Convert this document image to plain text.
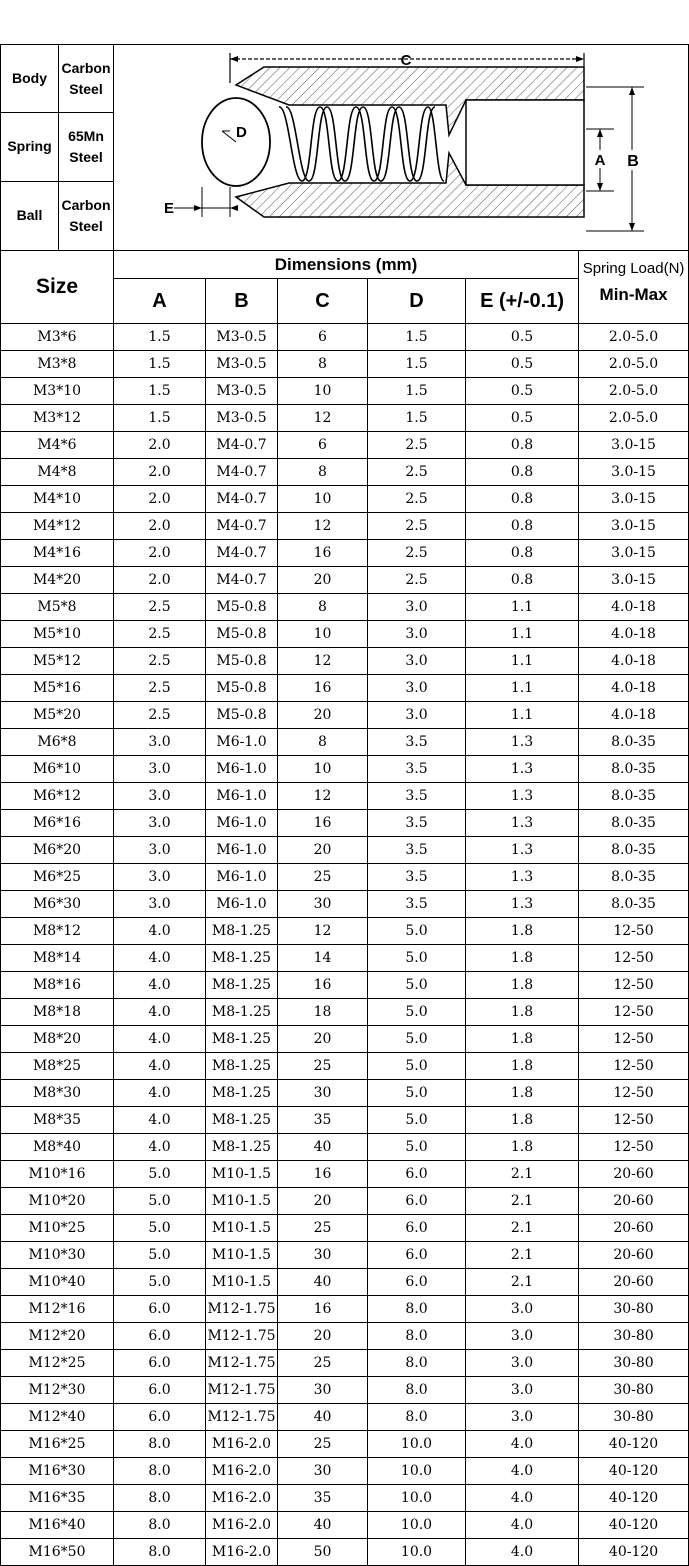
Body	Carbon Steel	C
D
E
A B

Spring	65Mn Steel	
Ball	Carbon Steel	
Size	Dimensions (mm)					Spring Load(N)
	A	B	C	D	E (+/-0.1)	Min-Max
M3*6	1.5	M3-0.5	6	1.5	0.5	2.0-5.0
M3*8	1.5	M3-0.5	8	1.5	0.5	2.0-5.0
M3*10	1.5	M3-0.5	10	1.5	0.5	2.0-5.0
M3*12	1.5	M3-0.5	12	1.5	0.5	2.0-5.0
M4*6	2.0	M4-0.7	6	2.5	0.8	3.0-15
M4*8	2.0	M4-0.7	8	2.5	0.8	3.0-15
M4*10	2.0	M4-0.7	10	2.5	0.8	3.0-15
M4*12	2.0	M4-0.7	12	2.5	0.8	3.0-15
M4*16	2.0	M4-0.7	16	2.5	0.8	3.0-15
M4*20	2.0	M4-0.7	20	2.5	0.8	3.0-15
M5*8	2.5	M5-0.8	8	3.0	1.1	4.0-18
M5*10	2.5	M5-0.8	10	3.0	1.1	4.0-18
M5*12	2.5	M5-0.8	12	3.0	1.1	4.0-18
M5*16	2.5	M5-0.8	16	3.0	1.1	4.0-18
M5*20	2.5	M5-0.8	20	3.0	1.1	4.0-18
M6*8	3.0	M6-1.0	8	3.5	1.3	8.0-35
M6*10	3.0	M6-1.0	10	3.5	1.3	8.0-35
M6*12	3.0	M6-1.0	12	3.5	1.3	8.0-35
M6*16	3.0	M6-1.0	16	3.5	1.3	8.0-35
M6*20	3.0	M6-1.0	20	3.5	1.3	8.0-35
M6*25	3.0	M6-1.0	25	3.5	1.3	8.0-35
M6*30	3.0	M6-1.0	30	3.5	1.3	8.0-35
M8*12	4.0	M8-1.25	12	5.0	1.8	12-50
M8*14	4.0	M8-1.25	14	5.0	1.8	12-50
M8*16	4.0	M8-1.25	16	5.0	1.8	12-50
M8*18	4.0	M8-1.25	18	5.0	1.8	12-50
M8*20	4.0	M8-1.25	20	5.0	1.8	12-50
M8*25	4.0	M8-1.25	25	5.0	1.8	12-50
M8*30	4.0	M8-1.25	30	5.0	1.8	12-50
M8*35	4.0	M8-1.25	35	5.0	1.8	12-50
M8*40	4.0	M8-1.25	40	5.0	1.8	12-50
M10*16	5.0	M10-1.5	16	6.0	2.1	20-60
M10*20	5.0	M10-1.5	20	6.0	2.1	20-60
M10*25	5.0	M10-1.5	25	6.0	2.1	20-60
M10*30	5.0	M10-1.5	30	6.0	2.1	20-60
M10*40	5.0	M10-1.5	40	6.0	2.1	20-60
M12*16	6.0	M12-1.75	16	8.0	3.0	30-80
M12*20	6.0	M12-1.75	20	8.0	3.0	30-80
M12*25	6.0	M12-1.75	25	8.0	3.0	30-80
M12*30	6.0	M12-1.75	30	8.0	3.0	30-80
M12*40	6.0	M12-1.75	40	8.0	3.0	30-80
M16*25	8.0	M16-2.0	25	10.0	4.0	40-120
M16*30	8.0	M16-2.0	30	10.0	4.0	40-120
M16*35	8.0	M16-2.0	35	10.0	4.0	40-120
M16*40	8.0	M16-2.0	40	10.0	4.0	40-120
M16*50	8.0	M16-2.0	50	10.0	4.0	40-120
